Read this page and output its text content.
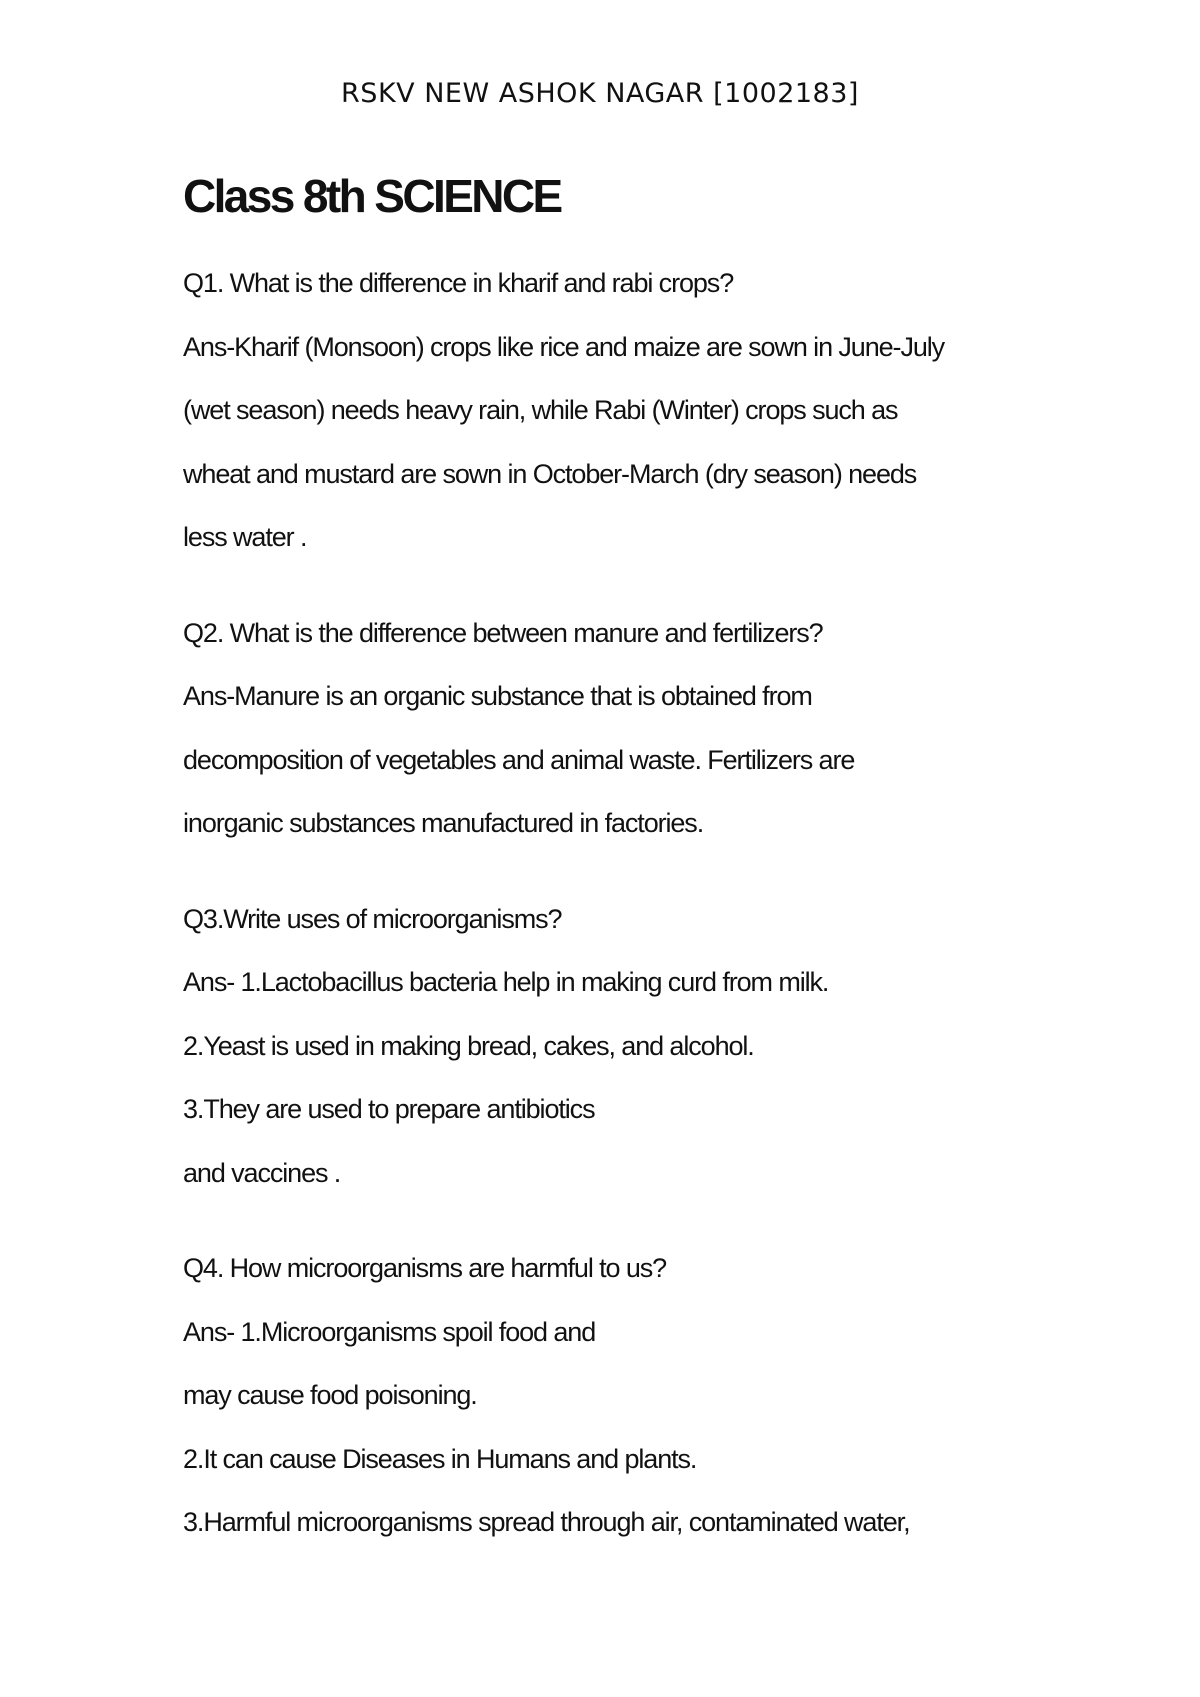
RSKV NEW ASHOK NAGAR [1002183]
Class 8th SCIENCE
Q1. What is the difference in kharif and rabi crops?
Ans-Kharif (Monsoon) crops like rice and maize are sown in June-July
(wet season) needs heavy rain, while Rabi (Winter) crops such as
wheat and mustard are sown in October-March (dry season) needs
less water .
Q2. What is the difference between manure and fertilizers?
Ans-Manure is an organic substance that is obtained from
decomposition of vegetables and animal waste. Fertilizers are
inorganic substances manufactured in factories.
Q3.Write uses of microorganisms?
Ans- 1.Lactobacillus bacteria help in making curd from milk.
2.Yeast is used in making bread, cakes, and alcohol.
3.They are used to prepare antibiotics
and vaccines .
Q4. How microorganisms are harmful to us?
Ans- 1.Microorganisms spoil food and
may cause food poisoning.
2.It can cause Diseases in Humans and plants.
3.Harmful microorganisms spread through air, contaminated water,
